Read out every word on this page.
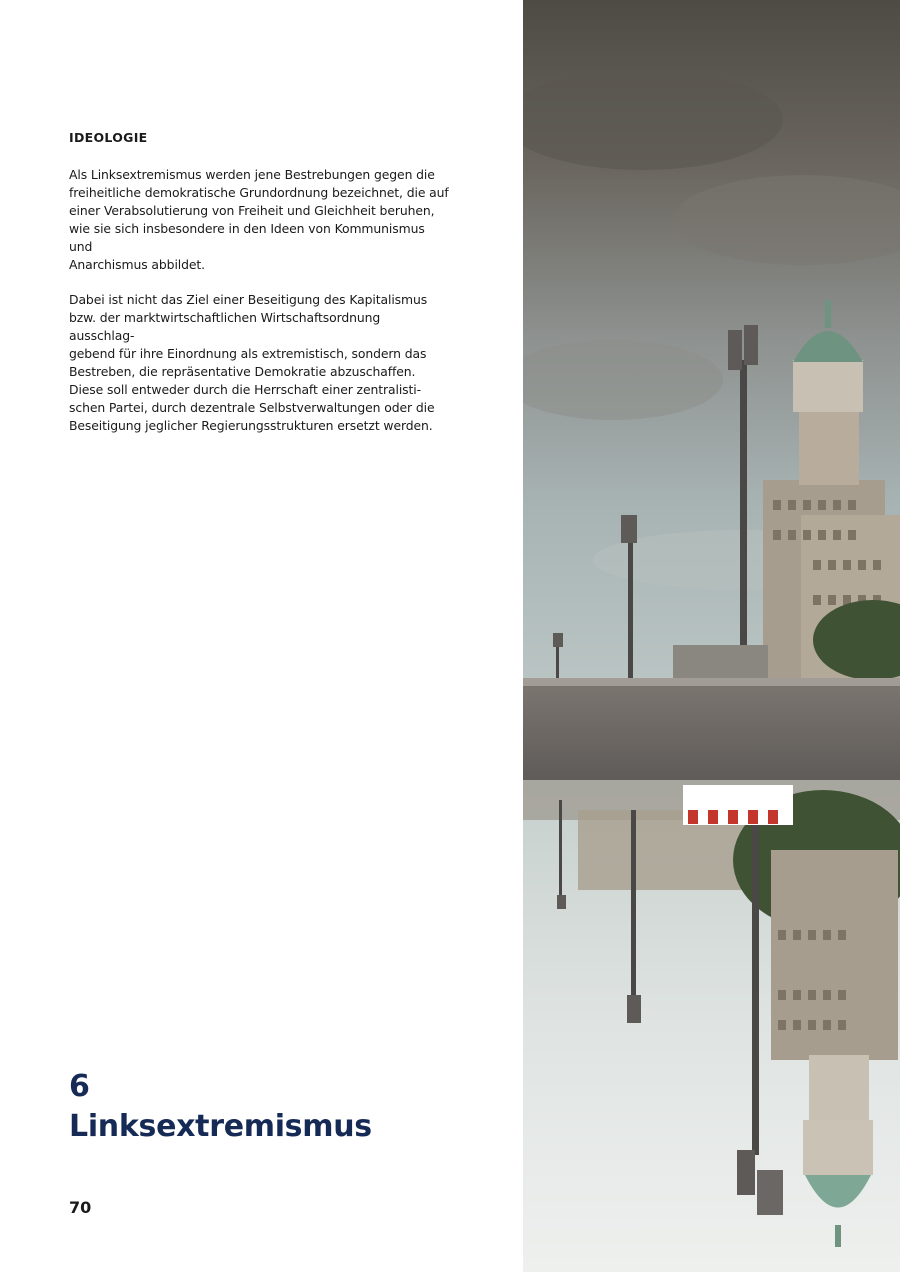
IDEOLOGIE

Als Linksextremismus werden jene Bestrebungen gegen die
freiheitliche demokratische Grundordnung bezeichnet, die auf
einer Verabsolutierung von Freiheit und Gleichheit beruhen,
wie sie sich insbesondere in den Ideen von Kommunismus und
Anarchismus abbildet.

Dabei ist nicht das Ziel einer Beseitigung des Kapitalismus
bzw. der marktwirtschaftlichen Wirtschaftsordnung ausschlag-
gebend für ihre Einordnung als extremistisch, sondern das
Bestreben, die repräsentative Demokratie abzuschaffen.
Diese soll entweder durch die Herrschaft einer zentralisti-
schen Partei, durch dezentrale Selbstverwaltungen oder die
Beseitigung jeglicher Regierungsstrukturen ersetzt werden.

6
Linksextremismus
70
